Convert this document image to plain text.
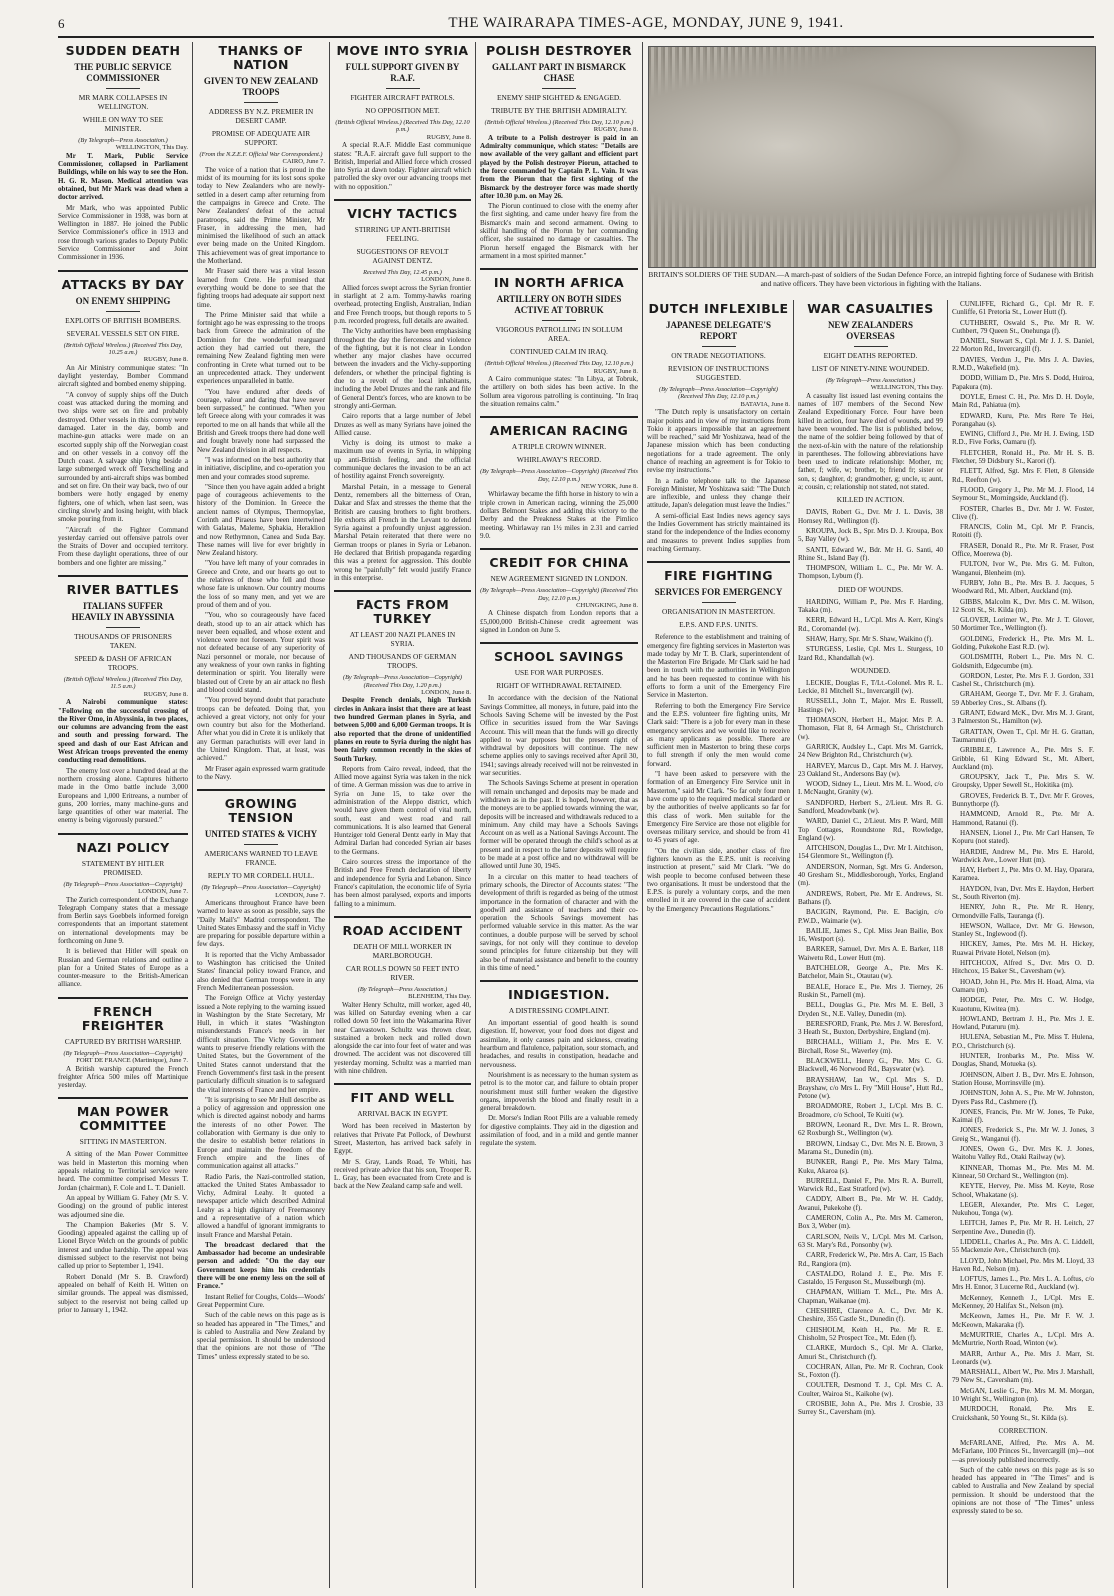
6	THE WAIRARAPA TIMES-AGE, MONDAY, JUNE 9, 1941.
SUDDEN DEATH
THE PUBLIC SERVICE COMMISSIONER
MR MARK COLLAPSES IN WELLINGTON.
WHILE ON WAY TO SEE MINISTER.
(By Telegraph—Press Association.)
WELLINGTON, This Day.

Mr T. Mark, Public Service Commissioner, collapsed in Parliament Buildings, while on his way to see the Hon. H. G. R. Mason. Medical attention was obtained, but Mr Mark was dead when a doctor arrived.

Mr Mark, who was appointed Public Service Commissioner in 1938, was born at Wellington in 1887. He joined the Public Service Commissioner's office in 1913 and rose through various grades to Deputy Public Service Commissioner and Joint Commissioner in 1936.

ATTACKS BY DAY
ON ENEMY SHIPPING
EXPLOITS OF BRITISH BOMBERS.
SEVERAL VESSELS SET ON FIRE.
(British Official Wireless.) (Received This Day, 10.25 a.m.)
RUGBY, June 8.

An Air Ministry communique states: "In daylight yesterday, Bomber Command aircraft sighted and bombed enemy shipping.

"A convoy of supply ships off the Dutch coast was attacked during the morning and two ships were set on fire and probably destroyed. Other vessels in this convoy were damaged. Later in the day, bomb and machine-gun attacks were made on an escorted supply ship off the Norwegian coast and on other vessels in a convoy off the Dutch coast. A salvage ship lying beside a large submerged wreck off Terschelling and surrounded by anti-aircraft ships was bombed and set on fire. On their way back, two of our bombers were hotly engaged by enemy fighters, one of which, when last seen, was circling slowly and losing height, with black smoke pouring from it.

"Aircraft of the Fighter Command yesterday carried out offensive patrols over the Straits of Dover and occupied territory. From these daylight operations, three of our bombers and one fighter are missing."

RIVER BATTLES
ITALIANS SUFFER HEAVILY IN ABYSSINIA
THOUSANDS OF PRISONERS TAKEN.
SPEED & DASH OF AFRICAN TROOPS.
(British Official Wireless.) (Received This Day, 11.5 a.m.)
RUGBY, June 8.

A Nairobi communique states: "Following on the successful crossing of the River Omo, in Abyssinia, in two places, our columns are advancing from the east and south and pressing forward. The speed and dash of our East African and West African troops prevented the enemy conducting road demolitions.

The enemy lost over a hundred dead at the northern crossing alone. Captures hitherto made in the Omo battle include 3,000 Europeans and 1,000 Eritreans, a number of guns, 200 lorries, many machine-guns and large quantities of other war material. The enemy is being vigorously pursued."

NAZI POLICY
STATEMENT BY HITLER PROMISED.
(By Telegraph—Press Association—Copyright)
LONDON, June 7.

The Zurich correspondent of the Exchange Telegraph Company states that a message from Berlin says Goebbels informed foreign correspondents that an important statement on international developments may be forthcoming on June 9.

It is believed that Hitler will speak on Russian and German relations and outline a plan for a United States of Europe as a counter-measure to the British-American alliance.

FRENCH FREIGHTER
CAPTURED BY BRITISH WARSHIP.
(By Telegraph—Press Association—Copyright)
FORT DE FRANCE (Martinique), June 7.

A British warship captured the French freighter Africa 500 miles off Martinique yesterday.

MAN POWER COMMITTEE
SITTING IN MASTERTON.

A sitting of the Man Power Committee was held in Masterton this morning when appeals relating to Territorial service were heard. The committee comprised Messrs T. Jordan (chairman), F. Cole and L. T. Daniell.

An appeal by William G. Fahey (Mr S. V. Gooding) on the ground of public interest was adjourned sine die.

The Champion Bakeries (Mr S. V. Gooding) appealed against the calling up of Lionel Bryce Welch on the grounds of public interest and undue hardship. The appeal was dismissed subject to the reservist not being called up prior to September 1, 1941.

Robert Donald (Mr S. B. Crawford) appealed on behalf of Keith H. Witten on similar grounds. The appeal was dismissed, subject to the reservist not being called up prior to January 1, 1942.

THANKS OF NATION
GIVEN TO NEW ZEALAND TROOPS
ADDRESS BY N.Z. PREMIER IN DESERT CAMP.
PROMISE OF ADEQUATE AIR SUPPORT.
(From the N.Z.E.F. Official War Correspondent.)
CAIRO, June 7.

The voice of a nation that is proud in the midst of its mourning for its lost sons spoke today to New Zealanders who are newly-settled in a desert camp after returning from the campaigns in Greece and Crete. The New Zealanders' defeat of the actual paratroops, said the Prime Minister, Mr Fraser, in addressing the men, had minimised the likelihood of such an attack ever being made on the United Kingdom. This achievement was of great importance to the Motherland.

Mr Fraser said there was a vital lesson learned from Crete. He promised that everything would be done to see that the fighting troops had adequate air support next time.

The Prime Minister said that while a fortnight ago he was expressing to the troops back from Greece the admiration of the Dominion for the wonderful rearguard action they had carried out there, the remaining New Zealand fighting men were confronting in Crete what turned out to be an unprecedented attack. They underwent experiences unparalleled in battle.

"You have endured after deeds of courage, valour and daring that have never been surpassed," he continued. "When you left Greece along with your comrades it was reported to me on all hands that while all the British and Greek troops there had done well and fought bravely none had surpassed the New Zealand division in all respects.

"I was informed on the best authority that in initiative, discipline, and co-operation you men and your comrades stood supreme.

"Since then you have again added a bright page of courageous achievements to the history of the Dominion. In Greece the ancient names of Olympus, Thermopylae, Corinth and Piraeus have been intertwined with Galatas, Maleme, Sphakia, Heraklion and now Rethymnon, Canea and Suda Bay. These names will live for ever brightly in New Zealand history.

"You have left many of your comrades in Greece and Crete, and our hearts go out to the relatives of those who fell and those whose fate is unknown. Our country mourns the loss of so many men, and yet we are proud of them and of you.

"You, who so courageously have faced death, stood up to an air attack which has never been equalled, and whose extent and violence were not foreseen. Your spirit was not defeated because of any superiority of Nazi personnel or morale, nor because of any weakness of your own ranks in fighting determination or spirit. You literally were blasted out of Crete by an air attack no flesh and blood could stand.

"You proved beyond doubt that parachute troops can be defeated. Doing that, you achieved a great victory, not only for your own country but also for the Motherland. After what you did in Crete it is unlikely that any German parachutists will ever land in the United Kingdom. That, at least, was achieved."

Mr Fraser again expressed warm gratitude to the Navy.

GROWING TENSION
UNITED STATES & VICHY
AMERICANS WARNED TO LEAVE FRANCE.
REPLY TO MR CORDELL HULL.
(By Telegraph—Press Association—Copyright)
LONDON, June 7.

Americans throughout France have been warned to leave as soon as possible, says the "Daily Mail's" Madrid correspondent. The United States Embassy and the staff in Vichy are preparing for possible departure within a few days.

It is reported that the Vichy Ambassador to Washington has criticised the United States' financial policy toward France, and also denied that German troops were in any French Mediterranean possession.

The Foreign Office at Vichy yesterday issued a Note replying to the warning issued in Washington by the State Secretary, Mr Hull, in which it states "Washington misunderstands France's needs in her difficult situation. The Vichy Government wants to preserve friendly relations with the United States, but the Government of the United States cannot understand that the French Government's first task in the present particularly difficult situation is to safeguard the vital interests of France and her empire.

"It is surprising to see Mr Hull describe as a policy of aggression and oppression one which is directed against nobody and harms the interests of no other Power. The collaboration with Germany is due only to the desire to establish better relations in Europe and maintain the freedom of the French empire and the lines of communication against all attacks."

Radio Paris, the Nazi-controlled station, attacked the United States Ambassador to Vichy, Admiral Leahy. It quoted a newspaper article which described Admiral Leahy as a high dignitary of Freemasonry and a representative of a nation which allowed a handful of ignorant immigrants to insult France and Marshal Petain.

The broadcast declared that the Ambassador had become an undesirable person and added: "On the day our Government keeps him his credentials there will be one enemy less on the soil of France."

Instant Relief for Coughs, Colds—Woods' Great Peppermint Cure.

Such of the cable news on this page as is so headed has appeared in "The Times," and is cabled to Australia and New Zealand by special permission. It should be understood that the opinions are not those of "The Times" unless expressly stated to be so.

MOVE INTO SYRIA
FULL SUPPORT GIVEN BY R.A.F.
FIGHTER AIRCRAFT PATROLS.
NO OPPOSITION MET.
(British Official Wireless.) (Received This Day, 12.10 p.m.)
RUGBY, June 8.

A special R.A.F. Middle East communique states: "R.A.F. aircraft gave full support to the British, Imperial and Allied force which crossed into Syria at dawn today. Fighter aircraft which patrolled the sky over our advancing troops met with no opposition."

VICHY TACTICS
STIRRING UP ANTI-BRITISH FEELING.
SUGGESTIONS OF REVOLT AGAINST DENTZ.
Received This Day, 12.45 p.m.)
LONDON, June 8.

Allied forces swept across the Syrian frontier in starlight at 2 a.m. Tommy-hawks roaring overhead, protecting English, Australian, Indian and Free French troops, but though reports to 5 p.m. recorded progress, full details are awaited.

The Vichy authorities have been emphasising throughout the day the fierceness and violence of the fighting, but it is not clear in London whether any major clashes have occurred between the invaders and the Vichy-supporting defenders, or whether the principal fighting is due to a revolt of the local inhabitants, including the Jebel Druzes and the rank and file of General Dentz's forces, who are known to be strongly anti-German.

Cairo reports that a large number of Jebel Druzes as well as many Syrians have joined the Allied cause.

Vichy is doing its utmost to make a maximum use of events in Syria, in whipping up anti-British feeling, and the official communique declares the invasion to be an act of hostility against French sovereignty.

Marshal Petain, in a message to General Dentz, remembers all the bitterness of Oran, Dakar and Sfax and stresses the theme that the British are causing brothers to fight brothers. He exhorts all French in the Levant to defend Syria against a profoundly unjust aggression. Marshal Petain reiterated that there were no German troops or planes in Syria or Lebanon. He declared that British propaganda regarding this was a pretext for aggression. This double wrong he "painfully" felt would justify France in this enterprise.

FACTS FROM TURKEY
AT LEAST 200 NAZI PLANES IN SYRIA.
AND THOUSANDS OF GERMAN TROOPS.
(By Telegraph—Press Association—Copyright) (Received This Day, 1.20 p.m.)
LONDON, June 8.

Despite French denials, high Turkish circles in Ankara insist that there are at least two hundred German planes in Syria, and between 5,000 and 6,000 German troops. It is also reported that the drone of unidentified planes en route to Syria during the night has been fairly common recently in the skies of South Turkey.

Reports from Cairo reveal, indeed, that the Allied move against Syria was taken in the nick of time. A German mission was due to arrive in Syria on June 15, to take over the administration of the Aleppo district, which would have given them control of vital north, south, east and west road and rail communications. It is also learned that General Huntziger told General Dentz early in May that Admiral Darlan had conceded Syrian air bases to the Germans.

Cairo sources stress the importance of the British and Free French declaration of liberty and independence for Syria and Lebanon. Since France's capitulation, the economic life of Syria has been almost paralysed, exports and imports falling to a minimum.

ROAD ACCIDENT
DEATH OF MILL WORKER IN MARLBOROUGH.
CAR ROLLS DOWN 50 FEET INTO RIVER.
(By Telegraph—Press Association.)
BLENHEIM, This Day.

Walter Henry Schultz, mill worker, aged 40, was killed on Saturday evening when a car rolled down 50 feet into the Wakamarina River near Canvastown. Schultz was thrown clear, sustained a broken neck and rolled down alongside the car into four feet of water and was drowned. The accident was not discovered till yesterday morning. Schultz was a married man with nine children.

FIT AND WELL
ARRIVAL BACK IN EGYPT.

Word has been received in Masterton by relatives that Private Pat Pollock, of Dewhurst Street, Masterton, has arrived back safely in Egypt.

Mr S. Gray, Lands Road, Te Whiti, has received private advice that his son, Trooper R. L. Gray, has been evacuated from Crete and is back at the New Zealand camp safe and well.

POLISH DESTROYER
GALLANT PART IN BISMARCK CHASE
ENEMY SHIP SIGHTED & ENGAGED.
TRIBUTE BY THE BRITISH ADMIRALTY.
(British Official Wireless.) (Received This Day, 12.10 p.m.)
RUGBY, June 8.

A tribute to a Polish destroyer is paid in an Admiralty communique, which states: "Details are now available of the very gallant and efficient part played by the Polish destroyer Piorun, attached to the force commanded by Captain P. L. Vain. It was from the Piorun that the first sighting of the Bismarck by the destroyer force was made shortly after 10.30 p.m. on May 26.

The Piorun continued to close with the enemy after the first sighting, and came under heavy fire from the Bismarck's main and second armament. Owing to skilful handling of the Piorun by her commanding officer, she sustained no damage or casualties. The Piorun herself engaged the Bismarck with her armament in a most spirited manner."

IN NORTH AFRICA
ARTILLERY ON BOTH SIDES ACTIVE AT TOBRUK
VIGOROUS PATROLLING IN SOLLUM AREA.
CONTINUED CALM IN IRAQ.
(British Official Wireless.) (Received This Day, 12.10 p.m.)
RUGBY, June 8.

A Cairo communique states: "In Libya, at Tobruk, the artillery on both sides has been active. In the Sollum area vigorous patrolling is continuing. "In Iraq the situation remains calm."

AMERICAN RACING
A TRIPLE CROWN WINNER.
WHIRLAWAY'S RECORD.
(By Telegraph—Press Association—Copyright) (Received This Day, 12.10 p.m.)
NEW YORK, June 8.

Whirlaway became the fifth horse in history to win a triple crown in American racing, winning the 25,000 dollars Belmont Stakes and adding this victory to the Derby and the Preakness Stakes at the Pimlico meeting. Whirlaway ran 1½ miles in 2.31 and carried 9.0.

CREDIT FOR CHINA
NEW AGREEMENT SIGNED IN LONDON.
(By Telegraph—Press Association—Copyright) (Received This Day, 12.10 p.m.)
CHUNGKING, June 8.

A Chinese dispatch from London reports that a £5,000,000 British-Chinese credit agreement was signed in London on June 5.

SCHOOL SAVINGS
USE FOR WAR PURPOSES.
RIGHT OF WITHDRAWAL RETAINED.

In accordance with the decision of the National Savings Committee, all moneys, in future, paid into the Schools Saving Scheme will be invested by the Post Office in securities issued from the War Savings Account. This will mean that the funds will go directly applied to war purposes but the present right of withdrawal by depositors will continue. The new scheme applies only to savings received after April 30, 1941; savings already received will not be reinvested in war securities.

The Schools Savings Scheme at present in operation will remain unchanged and deposits may be made and withdrawn as in the past. It is hoped, however, that as the moneys are to be applied towards winning the war, deposits will be increased and withdrawals reduced to a minimum. Any child may have a Schools Savings Account on as well as a National Savings Account. The former will be operated through the child's school as at present and in respect to the latter deposits will require to be made at a post office and no withdrawal will be allowed until June 30, 1945.

In a circular on this matter to head teachers of primary schools, the Director of Accounts states: "The development of thrift is regarded as being of the utmost importance in the formation of character and with the goodwill and assistance of teachers and their co-operation the Schools Savings movement has performed valuable service in this matter. As the war continues, a double purpose will be served by school savings, for not only will they continue to develop sound principles for future citizenship but they will also be of material assistance and benefit to the country in this time of need."

INDIGESTION.
A DISTRESSING COMPLAINT.

An important essential of good health is sound digestion. If, however, your food does not digest and assimilate, it only causes pain and sickness, creating heartburn and flatulence, palpitation, sour stomach, and headaches, and results in constipation, headache and nervousness.

Nourishment is as necessary to the human system as petrol is to the motor car, and failure to obtain proper nourishment must still further weaken the digestive organs, impoverish the blood and finally result in a general breakdown.

Dr. Morse's Indian Root Pills are a valuable remedy for digestive complaints. They aid in the digestion and assimilation of food, and in a mild and gentle manner regulate the system.

BRITAIN'S SOLDIERS OF THE SUDAN.—A march-past of soldiers of the Sudan Defence Force, an intrepid fighting force of Sudanese with British and native officers. They have been victorious in fighting with the Italians.
DUTCH INFLEXIBLE
JAPANESE DELEGATE'S REPORT
ON TRADE NEGOTIATIONS.
REVISION OF INSTRUCTIONS SUGGESTED.
(By Telegraph—Press Association—Copyright) (Received This Day, 12.10 p.m.)
BATAVIA, June 8.

"The Dutch reply is unsatisfactory on certain major points and in view of my instructions from Tokio it appears impossible that an agreement will be reached," said Mr Yoshizawa, head of the Japanese mission which has been conducting negotiations for a trade agreement. The only chance of reaching an agreement is for Tokio to revise my instructions."

In a radio telephone talk to the Japanese Foreign Minister, Mr Yoshizawa said: "The Dutch are inflexible, and unless they change their attitude, Japan's delegation must leave the Indies."

A semi-official East Indies news agency says the Indies Government has strictly maintained its stand for the independence of the Indies economy and measures to prevent Indies supplies from reaching Germany.

FIRE FIGHTING
SERVICES FOR EMERGENCY
ORGANISATION IN MASTERTON.
E.P.S. AND F.P.S. UNITS.

Reference to the establishment and training of emergency fire fighting services in Masterton was made today by Mr T. B. Clark, superintendent of the Masterton Fire Brigade. Mr Clark said he had been in touch with the authorities in Wellington and he has been requested to continue with his efforts to form a unit of the Emergency Fire Service in Masterton.

Referring to both the Emergency Fire Service and the E.P.S. volunteer fire fighting units, Mr Clark said: "There is a job for every man in these emergency services and we would like to receive as many applicants as possible. There are sufficient men in Masterton to bring these corps to full strength if only the men would come forward.

"I have been asked to persevere with the formation of an Emergency Fire Service unit in Masterton," said Mr Clark. "So far only four men have come up to the required medical standard or by the authorities of twelve applicants so far for this class of work. Men suitable for the Emergency Fire Service are those not eligible for overseas military service, and should be from 41 to 45 years of age.

"On the civilian side, another class of fire fighters known as the E.P.S. unit is receiving instruction at present," said Mr Clark. "We do wish people to become confused between these two organisations. It must be understood that the E.P.S. is purely a voluntary corps, and the men enrolled in it are covered in the case of accident by the Emergency Precautions Regulations."

WAR CASUALTIES
NEW ZEALANDERS OVERSEAS
EIGHT DEATHS REPORTED.
LIST OF NINETY-NINE WOUNDED.
(By Telegraph—Press Association.)
WELLINGTON, This Day.

A casualty list issued last evening contains the names of 107 members of the Second New Zealand Expeditionary Force. Four have been killed in action, four have died of wounds, and 99 have been wounded. The list is published below, the name of the soldier being followed by that of the next-of-kin with the nature of the relationship in parentheses. The following abbreviations have been used to indicate relationship: Mother, m; father, f; wife, w; brother, b; friend fr; sister or son, s; daughter, d; grandmother, g; uncle, u; aunt, a; cousin, c; relationship not stated, not stated.

KILLED IN ACTION.

DAVIS, Robert G., Dvr. Mr J. L. Davis, 38 Hornsey Rd., Wellington (f).

KROUPA, Jock B., Spr. Mrs D. J. Kroupa, Box 5, Bay Valley (w).

SANTI, Edward W., Bdr. Mr H. G. Santi, 40 Rhine St., Island Bay (f).

THOMPSON, William L. C., Pte. Mr W. A. Thompson, Lyburn (f).

DIED OF WOUNDS.

HARDING, William P., Pte. Mrs F. Harding, Takaka (m).

KERR, Edward H., L/Cpl. Mrs A. Kerr, King's Rd., Coromandel (w).

SHAW, Harry, Spr. Mr S. Shaw, Waikino (f).

STURGESS, Leslie, Cpl. Mrs L. Sturgess, 10 Izard Rd., Khandallah (w).

WOUNDED.

LECKIE, Douglas F., T/Lt.-Colonel. Mrs R. L. Leckie, 81 Mitchell St., Invercargill (w).

RUSSELL, John T., Major. Mrs E. Russell, Hastings (w).

THOMASON, Herbert H., Major. Mrs P. A. Thomason, Flat 8, 64 Armagh St., Christchurch (w).

GARRICK, Audsley L., Capt. Mrs M. Garrick, 24 New Brighton Rd., Christchurch (w).

HARVEY, Marcus D., Capt. Mrs M. J. Harvey, 23 Oakland St., Andersons Bay (w).

WOOD, Sidney L., Lieut. Mrs M. L. Wood, c/o I. McNaught, Granity (w).

SANDFORD, Herbert S., 2/Lieut. Mrs R. G. Sandford, Meadowbank (w).

WARD, Daniel C., 2/Lieut. Mrs P. Ward, Mill Top Cottages, Roundstone Rd., Rowledge, England (w).

AITCHISON, Douglas L., Dvr. Mr I. Aitchison, 154 Glenmore St., Wellington (f).

ANDERSON, Norman, Sgt. Mrs G. Anderson, 40 Gresham St., Middlesborough, Yorks, England (m).

ANDREWS, Robert, Pte. Mr E. Andrews, St. Bathans (f).

BACIGIN, Raymond, Pte. E. Bacigin, c/o P.W.D., Waimarie (w).

BAILIE, James S., Cpl. Miss Jean Bailie, Box 16, Westport (s).

BARKER, Samuel, Dvr. Mrs A. E. Barker, 118 Waiwetu Rd., Lower Hutt (m).

BATCHELOR, George A., Pte. Mrs K. Batchelor, Main St., Otautau (w).

BEALE, Horace E., Pte. Mrs J. Tierney, 26 Ruskin St., Parnell (m).

BELL, Douglas G., Pte. Mrs M. E. Bell, 3 Dryden St., N.E. Valley, Dunedin (m).

BERESFORD, Frank, Pte. Mrs J. W. Beresford, 3 Heath St., Buxton, Derbyshire, England (m).

BIRCHALL, William J., Pte. Mrs E. V. Birchall, Rose St., Waverley (m).

BLACKWELL, Henry G., Pte. Mrs C. G. Blackwell, 46 Norwood Rd., Bayswater (w).

BRAYSHAW, Ian W., Cpl. Mrs S. D. Brayshaw, c/o Mrs L. Fry "Mill House", Hutt Rd., Petone (w).

BROADMORE, Robert J., L/Cpl. Mrs B. C. Broadmore, c/o School, Te Kuiti (w).

BROWN, Leonard R., Dvr. Mrs L. R. Brown, 62 Roxburgh St., Wellington (w).

BROWN, Lindsay C., Dvr. Mrs N. E. Brown, 3 Marama St., Dunedin (m).

BUNKER, Rangi P., Pte. Mrs Mary Talma, Kuku, Akaroa (s).

BURRELL, Daniel F., Pte. Mrs R. A. Burrell, Warwick Rd., East Stratford (w).

CADDY, Albert B., Pte. Mr W. H. Caddy, Awanui, Pukekohe (f).

CAMERON, Colin A., Pte. Mrs M. Cameron, Box 3, Weber (m).

CARLSON, Neils V., L/Cpl. Mrs M. Carlson, 63 St. Mary's Rd., Ponsonby (w).

CARR, Frederick W., Pte. Mrs A. Carr, 15 Bach Rd., Rangiora (m).

CASTALDO, Roland J. E., Pte. Mrs F. Castaldo, 15 Ferguson St., Musselburgh (m).

CHAPMAN, William T. McL., Pte. Mrs A. Chapman, Waikanae (m).

CHESHIRE, Clarence A. C., Dvr. Mr K. Cheshire, 355 Castle St., Dunedin (f).

CHISHOLM, Keith H., Pte. Mr R. E. Chisholm, 52 Prospect Tce., Mt. Eden (f).

CLARKE, Murdoch S., Cpl. Mr A. Clarke, Amuri St., Christchurch (f).

COCHRAN, Allan, Pte. Mr R. Cochran, Cook St., Foxton (f).

COULTER, Desmond T. J., Cpl. Mrs C. A. Coulter, Wairoa St., Kaikohe (w).

CROSBIE, John A., Pte. Mrs J. Crosbie, 33 Surrey St., Caversham (m).

CUNLIFFE, Richard G., Cpl. Mr R. F. Cunliffe, 61 Pretoria St., Lower Hutt (f).

CUTHBERT, Oswald S., Pte. Mr R. W. Cuthbert, 79 Queen St., Onehunga (f).

DANIEL, Stewart S., Cpl. Mr J. J. S. Daniel, 22 Morton Rd., Invercargill (f).

DAVIES, Verdun J., Pte. Mrs J. A. Davies, R.M.D., Wakefield (m).

DODD, William D., Pte. Mrs S. Dodd, Huiroa, Papakura (m).

DOYLE, Ernest C. H., Pte. Mrs D. H. Doyle, Main Rd., Pahiatua (m).

EDWARD, Kuru, Pte. Mrs Rere Te Hei, Porangahau (s).

EWING, Clifford J., Pte. Mr H. J. Ewing, 15D R.D., Five Forks, Oamaru (f).

FLETCHER, Ronald H., Pte. Mr H. S. B. Fletcher, 59 Didsbury St., Karori (f).

FLETT, Alfred, Sgt. Mrs F. Flett, 8 Glenside Rd., Reefton (w).

FLOOD, Gregory J., Pte. Mr M. J. Flood, 14 Seymour St., Morningside, Auckland (f).

FOSTER, Charles B., Dvr. Mr J. W. Foster, Clive (f).

FRANCIS, Colin M., Cpl. Mr P. Francis, Rotoiti (f).

FRASER, Donald R., Pte. Mr R. Fraser, Post Office, Moerewa (b).

FULTON, Ivor W., Pte. Mrs G. M. Fulton, Wanganui, Blenheim (m).

FURBY, John B., Pte. Mrs B. J. Jacques, 5 Woodward Rd., Mt. Albert, Auckland (m).

GIBBS, Malcolm K., Dvr. Mrs C. M. Wilson, 12 Scott St., St. Kilda (m).

GLOVER, Lorimer W., Pte. Mr J. T. Glover, 50 Mortimer Tce., Wellington (f).

GOLDING, Frederick H., Pte. Mrs M. L. Golding, Pukekohe East R.D. (w).

GOLDSMITH, Robert L., Pte. Mrs N. C. Goldsmith, Edgecumbe (m).

GORDON, Lester, Pte. Mrs F. J. Gordon, 331 Cashel St., Christchurch (m).

GRAHAM, George T., Dvr. Mr F. J. Graham, 59 Abberley Cres., St. Albans (f).

GRANT, Edward McK., Dvr. Mrs M. J. Grant, 3 Palmerston St., Hamilton (w).

GRATTAN, Owen T., Cpl. Mr H. G. Grattan, Taumarunui (f).

GRIBBLE, Lawrence A., Pte. Mrs S. F. Gribble, 61 King Edward St., Mt. Albert, Auckland (m).

GROUPSKY, Jack T., Pte. Mrs S. W. Groupsky, Upper Sewell St., Hokitika (m).

GROVES, Frederick B. T., Dvr. Mr F. Groves, Bunnythorpe (f).

HAMMOND, Arnold R., Pte. Mr A. Hammond, Ratanui (f).

HANSEN, Lionel J., Pte. Mr Carl Hansen, Te Kopuru (not stated).

HARDIE, Andrew M., Pte. Mrs E. Harold, Wardwick Ave., Lower Hutt (m).

HAY, Herbert J., Pte. Mrs O. M. Hay, Oparara, Karamea.

HAYDON, Ivan, Dvr. Mrs E. Haydon, Herbert St., South Riverton (m).

HENRY, John R., Pte. Mr R. Henry, Ormondville Falls, Tauranga (f).

HEWSON, Wallace, Dvr. Mr G. Hewson, Stanley St., Inglewood (f).

HICKEY, James, Pte. Mrs M. H. Hickey, Ruawai Private Hotel, Nelson (m).

HITCHCOX, Alfred S., Dvr. Mrs O. D. Hitchcox, 15 Baker St., Caversham (w).

HOAD, John H., Pte. Mrs H. Hoad, Alma, via Oamaru (m).

HODGE, Peter, Pte. Mrs C. W. Hodge, Kuaotunu, Kiwitea (m).

HOWLAND, Bertram J. H., Pte. Mrs J. E. Howland, Putaruru (m).

HULENA, Sebastian M., Pte. Miss T. Hulena, P.O., Christchurch (s).

HUNTER, Ironbarks M., Pte. Miss W. Douglas, Shand, Motueka (s).

JOHNSON, Albert J. B., Dvr. Mrs E. Johnson, Station House, Morrinsville (m).

JOHNSTON, John A. S., Pte. Mr W. Johnston, Dyers Pass Rd., Cashmere (f).

JONES, Francis, Pte. Mr W. Jones, Te Puke, Kaimai (f).

JONES, Frederick S., Pte. Mr W. J. Jones, 3 Greig St., Wanganui (f).

JONES, Owen G., Dvr. Mrs K. J. Jones, Waitohu Valley Rd., Otaki Railway (w).

KINNEAR, Thomas M., Pte. Mrs M. M. Kinnear, 50 Orchard St., Wellington (m).

KEYTE, Hervey, Pte. Miss M. Keyte, Rose School, Whakatane (s).

LEGER, Alexander, Pte. Mrs C. Leger, Nukuhou, Tonga (w).

LEITCH, James P., Pte. Mr R. H. Leitch, 27 Serpentine Ave., Dunedin (f).

LIDDELL, Charles A., Pte. Mrs A. C. Liddell, 55 Mackenzie Ave., Christchurch (m).

LLOYD, John Michael, Pte. Mrs M. Lloyd, 33 Haven Rd., Nelson (m).

LOFTUS, James L., Pte. Mrs L. A. Loftus, c/o Mrs H. Ennor, 3 Lucerne Rd., Auckland (w).

McKenney, Kenneth J., L/Cpl. Mrs E. McKenney, 20 Halifax St., Nelson (m).

McKeown, James H., Pte. Mr F. W. J. McKeown, Makaraka (f).

McMURTRIE, Charles A., L/Cpl. Mrs A. McMurtrie, North Road, Winton (w).

MARR, Arthur A., Pte. Mrs J. Marr, St. Leonards (w).

MARSHALL, Albert W., Pte. Mrs J. Marshall, 79 New St., Caversham (m).

McGAN, Leslie G., Pte. Mrs M. M. Morgan, 10 Wright St., Wellington (m).

MURDOCH, Ronald, Pte. Mrs E. Cruickshank, 50 Young St., St. Kilda (s).

CORRECTION.

McFARLANE, Alfred, Pte. Mrs A. M. McFarlane, 100 Princes St., Invercargill (m)—not—as previously published incorrectly.

Such of the cable news on this page as is so headed has appeared in "The Times" and is cabled to Australia and New Zealand by special permission. It should be understood that the opinions are not those of "The Times" unless expressly stated to be so.
